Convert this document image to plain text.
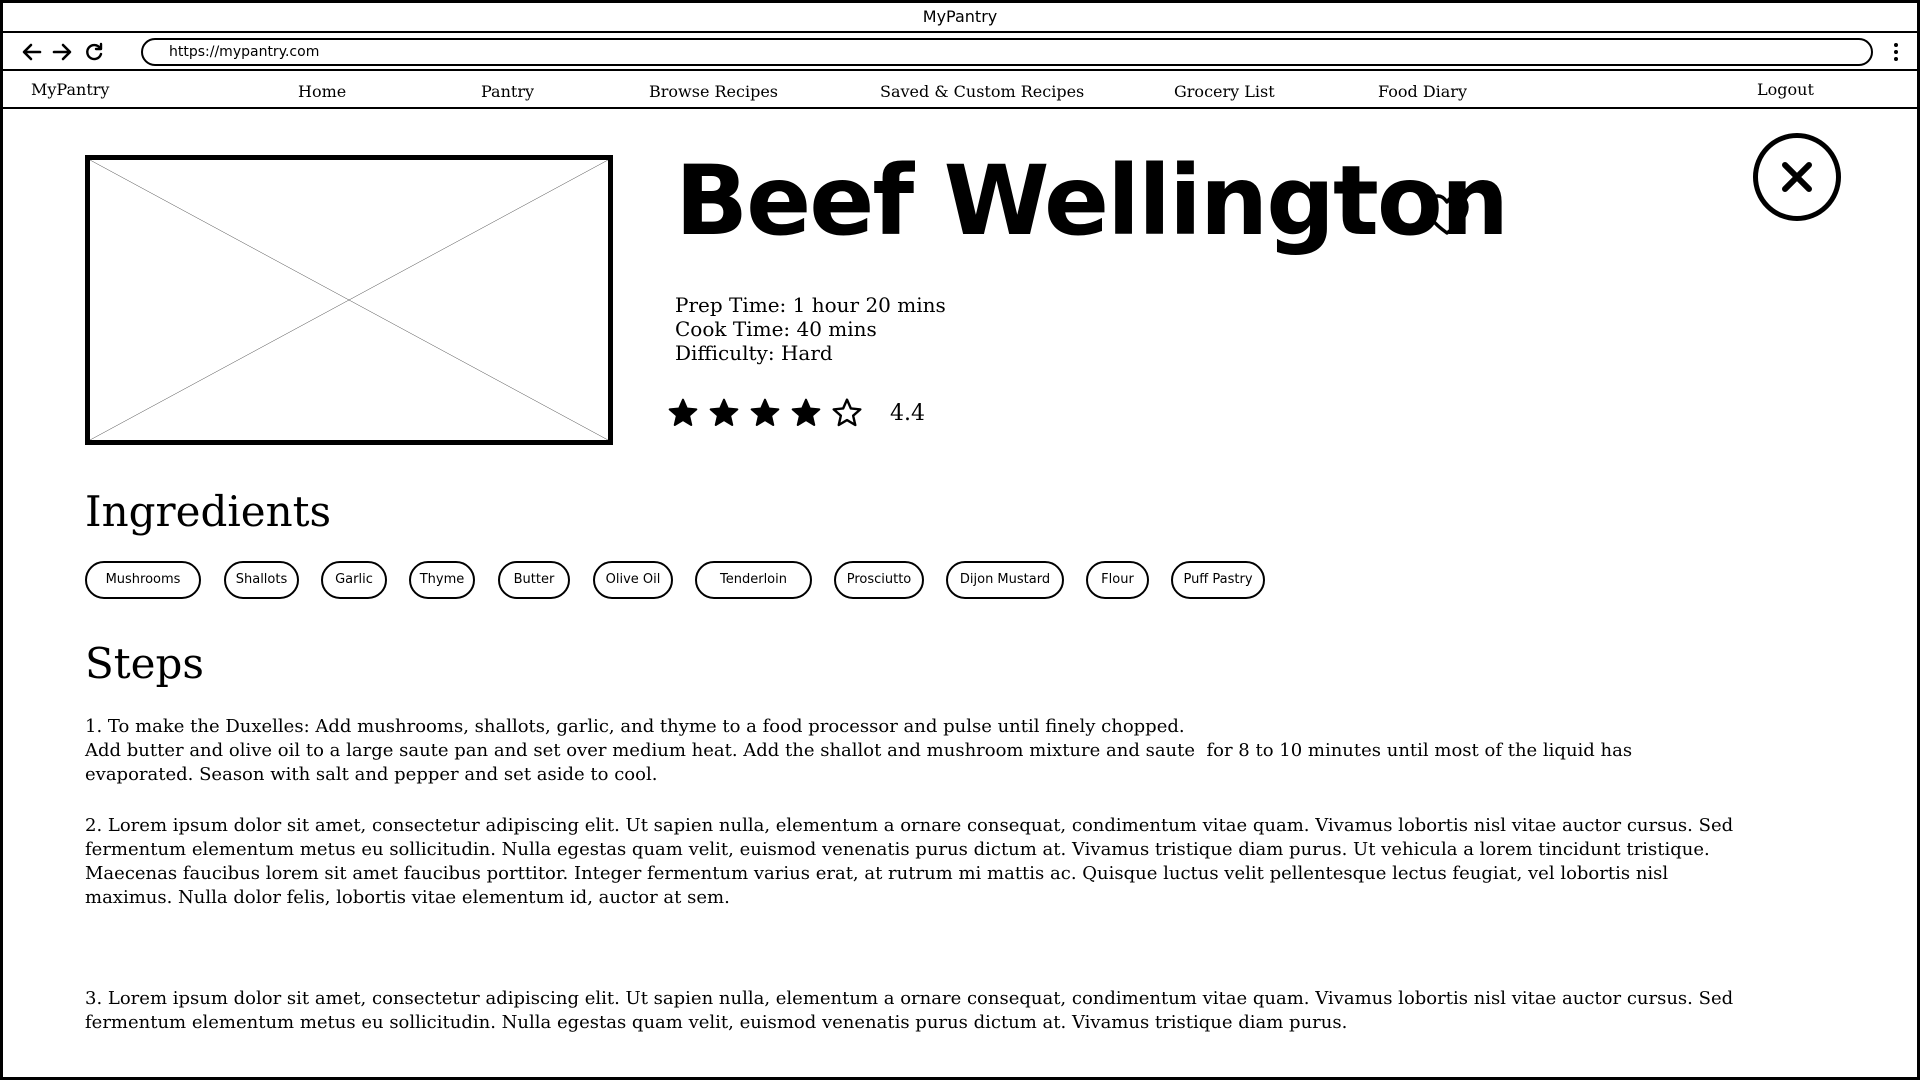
MyPantry
https://mypantry.com
MyPantry	Home	Pantry	Browse Recipes	Saved & Custom Recipes	Grocery List	Food Diary	Logout
Beef Wellington
Prep Time: 1 hour 20 mins
Cook Time: 40 mins
Difficulty: Hard
4.4
Ingredients
Mushrooms	Shallots	Garlic	Thyme	Butter	Olive Oil	Tenderloin	Prosciutto	Dijon Mustard	Flour	Puff Pastry
Steps
1. To make the Duxelles: Add mushrooms, shallots, garlic, and thyme to a food processor and pulse until finely chopped.
Add butter and olive oil to a large saute pan and set over medium heat. Add the shallot and mushroom mixture and saute  for 8 to 10 minutes until most of the liquid has evaporated. Season with salt and pepper and set aside to cool.
2. Lorem ipsum dolor sit amet, consectetur adipiscing elit. Ut sapien nulla, elementum a ornare consequat, condimentum vitae quam. Vivamus lobortis nisl vitae auctor cursus. Sed fermentum elementum metus eu sollicitudin. Nulla egestas quam velit, euismod venenatis purus dictum at. Vivamus tristique diam purus. Ut vehicula a lorem tincidunt tristique. Maecenas faucibus lorem sit amet faucibus porttitor. Integer fermentum varius erat, at rutrum mi mattis ac. Quisque luctus velit pellentesque lectus feugiat, vel lobortis nisl maximus. Nulla dolor felis, lobortis vitae elementum id, auctor at sem.
3. Lorem ipsum dolor sit amet, consectetur adipiscing elit. Ut sapien nulla, elementum a ornare consequat, condimentum vitae quam. Vivamus lobortis nisl vitae auctor cursus. Sed fermentum elementum metus eu sollicitudin. Nulla egestas quam velit, euismod venenatis purus dictum at. Vivamus tristique diam purus.
